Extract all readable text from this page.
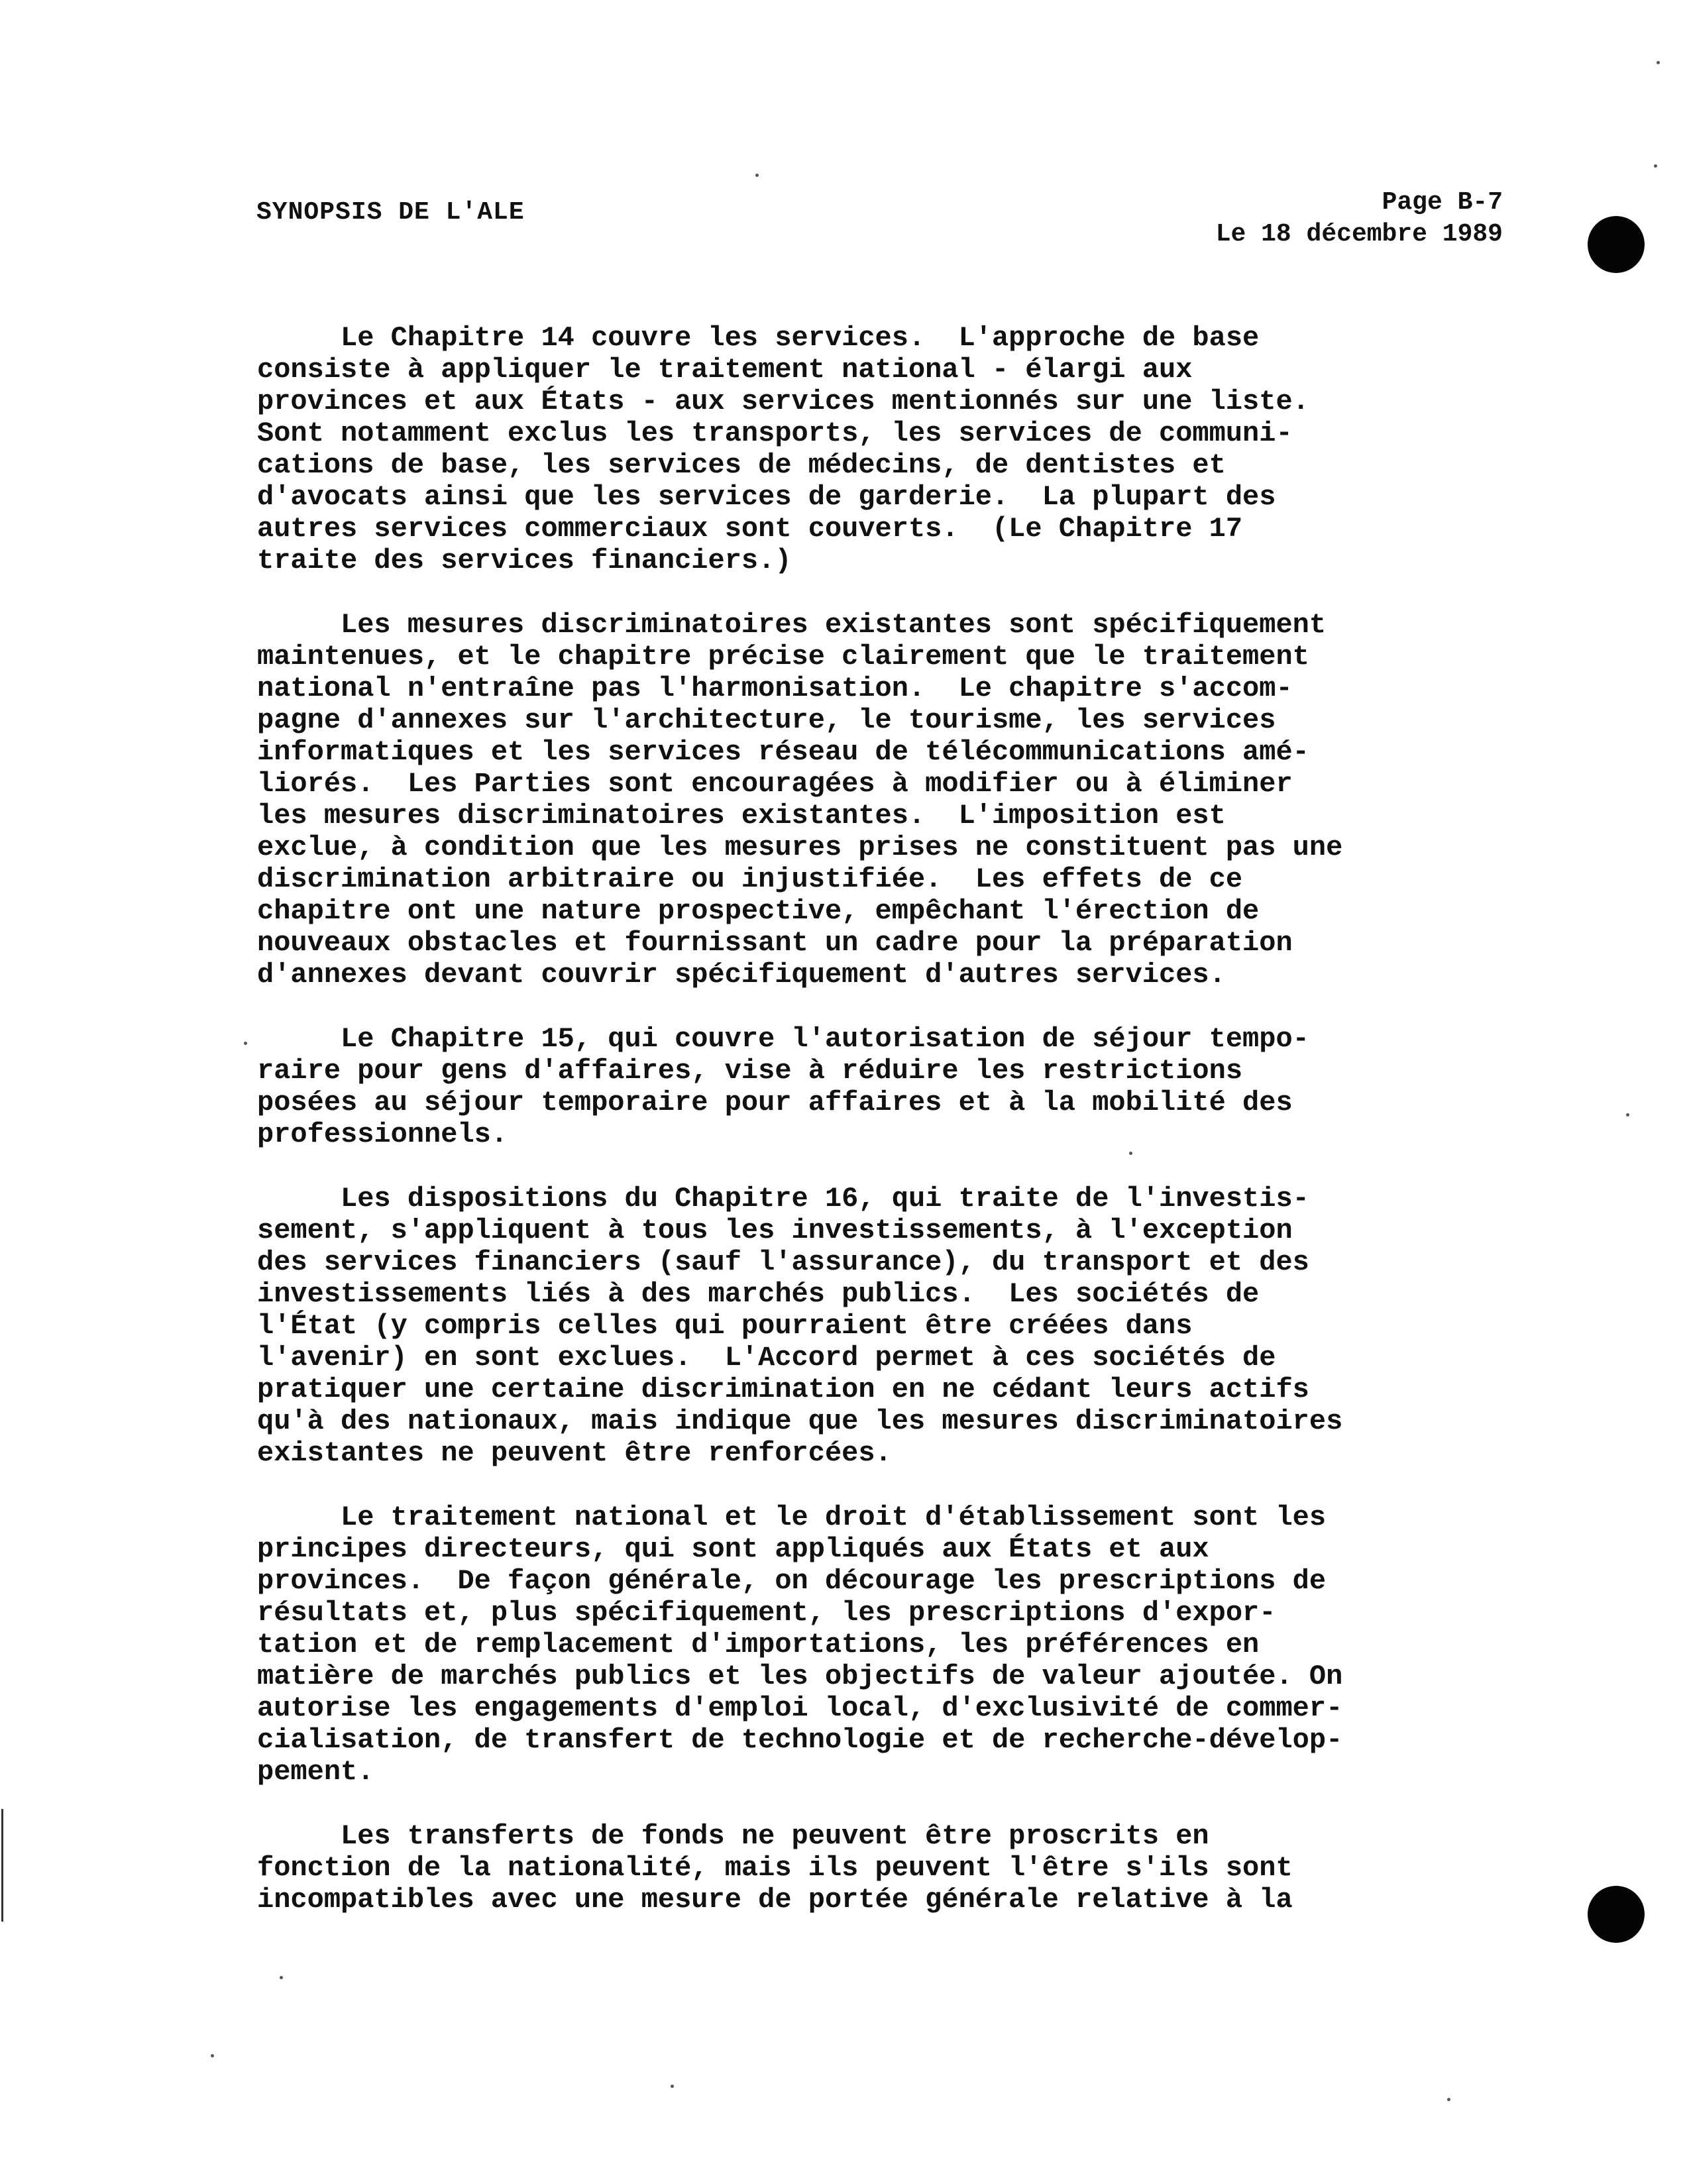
SYNOPSIS DE L'ALE	Page B-7
Le 18 décembre 1989
Le Chapitre 14 couvre les services.  L'approche de base
consiste à appliquer le traitement national - élargi aux
provinces et aux États - aux services mentionnés sur une liste.
Sont notamment exclus les transports, les services de communi-
cations de base, les services de médecins, de dentistes et
d'avocats ainsi que les services de garderie.  La plupart des
autres services commerciaux sont couverts.  (Le Chapitre 17
traite des services financiers.)
Les mesures discriminatoires existantes sont spécifiquement
maintenues, et le chapitre précise clairement que le traitement
national n'entraîne pas l'harmonisation.  Le chapitre s'accom-
pagne d'annexes sur l'architecture, le tourisme, les services
informatiques et les services réseau de télécommunications amé-
liorés.  Les Parties sont encouragées à modifier ou à éliminer
les mesures discriminatoires existantes.  L'imposition est
exclue, à condition que les mesures prises ne constituent pas une
discrimination arbitraire ou injustifiée.  Les effets de ce
chapitre ont une nature prospective, empêchant l'érection de
nouveaux obstacles et fournissant un cadre pour la préparation
d'annexes devant couvrir spécifiquement d'autres services.
Le Chapitre 15, qui couvre l'autorisation de séjour tempo-
raire pour gens d'affaires, vise à réduire les restrictions
posées au séjour temporaire pour affaires et à la mobilité des
professionnels.
Les dispositions du Chapitre 16, qui traite de l'investis-
sement, s'appliquent à tous les investissements, à l'exception
des services financiers (sauf l'assurance), du transport et des
investissements liés à des marchés publics.  Les sociétés de
l'État (y compris celles qui pourraient être créées dans
l'avenir) en sont exclues.  L'Accord permet à ces sociétés de
pratiquer une certaine discrimination en ne cédant leurs actifs
qu'à des nationaux, mais indique que les mesures discriminatoires
existantes ne peuvent être renforcées.
Le traitement national et le droit d'établissement sont les
principes directeurs, qui sont appliqués aux États et aux
provinces.  De façon générale, on décourage les prescriptions de
résultats et, plus spécifiquement, les prescriptions d'expor-
tation et de remplacement d'importations, les préférences en
matière de marchés publics et les objectifs de valeur ajoutée. On
autorise les engagements d'emploi local, d'exclusivité de commer-
cialisation, de transfert de technologie et de recherche-dévelop-
pement.
Les transferts de fonds ne peuvent être proscrits en
fonction de la nationalité, mais ils peuvent l'être s'ils sont
incompatibles avec une mesure de portée générale relative à la
